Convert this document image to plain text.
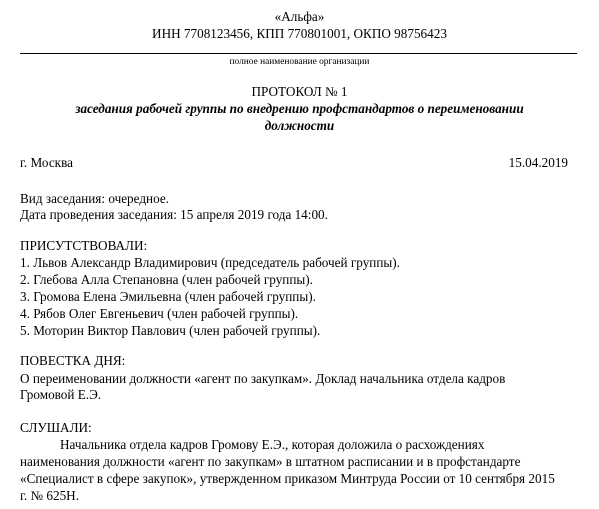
«Альфа»
ИНН 7708123456, КПП 770801001, ОКПО 98756423
полное наименование организации
ПРОТОКОЛ № 1
заседания рабочей группы по внедрению профстандартов о переименовании
должности
г. Москва	15.04.2019
Вид заседания: очередное.
Дата проведения заседания: 15 апреля 2019 года 14:00.
ПРИСУТСТВОВАЛИ:
1. Львов Александр Владимирович (председатель рабочей группы).
2. Глебова Алла Степановна (член рабочей группы).
3. Громова Елена Эмильевна (член рабочей группы).
4. Рябов Олег Евгеньевич (член рабочей группы).
5. Моторин Виктор Павлович (член рабочей группы).
ПОВЕСТКА ДНЯ:
О переименовании должности «агент по закупкам». Доклад начальника отдела кадров
Громовой Е.Э.
СЛУШАЛИ:
Начальника отдела кадров Громову Е.Э., которая доложила о расхождениях
наименования должности «агент по закупкам» в штатном расписании и в профстандарте
«Специалист в сфере закупок», утвержденном приказом Минтруда России от 10 сентября 2015
г. № 625Н.
